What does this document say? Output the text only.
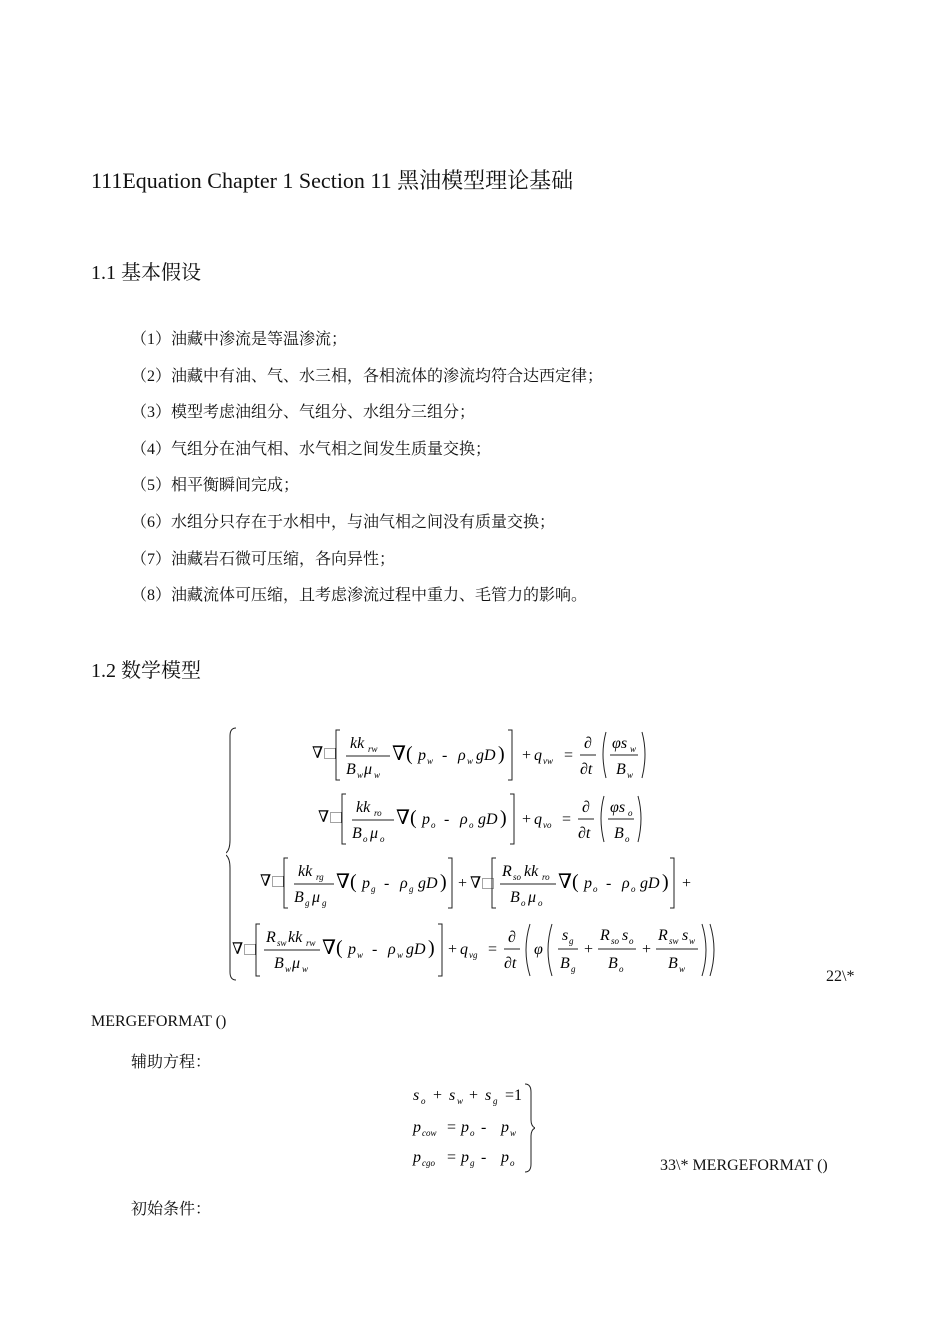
111Equation Chapter 1 Section 11 黑油模型理论基础
1.1 基本假设
（1）油藏中渗流是等温渗流；
（2）油藏中有油、气、水三相，各相流体的渗流均符合达西定律；
（3）模型考虑油组分、气组分、水组分三组分；
（4）气组分在油气相、水气相之间发生质量交换；
（5）相平衡瞬间完成；
（6）水组分只存在于水相中，与油气相之间没有质量交换；
（7）油藏岩石微可压缩，各向异性；
（8）油藏流体可压缩，且考虑渗流过程中重力、毛管力的影响。
1.2 数学模型
∇ ⃞
kk rw
B w μ w
∇( p w - ρ w gD ) + q vw =
∂
∂t
φs w
B w
∇ ⃞
kk ro
B o μ o
∇( p o - ρ o gD ) + q vo =
∂
∂t
φs o
B o
∇ ⃞
kk rg
B g μ g
∇( p g - ρ g gD ) + ∇ ⃞
R so kk ro
B o μ o
∇( p o - ρ o gD ) +
∇ ⃞
R sw kk rw
B w μ w
∇( p w - ρ w gD ) + q vg =
∂
∂t
φ
s g
B g
+
R so s o
B o
+
R sw s w
B w	22\*
MERGEFORMAT ()
辅助方程：
s o + s w + s g =1
p cow = p o - p w
p cgo = p g - p o	33\* MERGEFORMAT ()
初始条件：
